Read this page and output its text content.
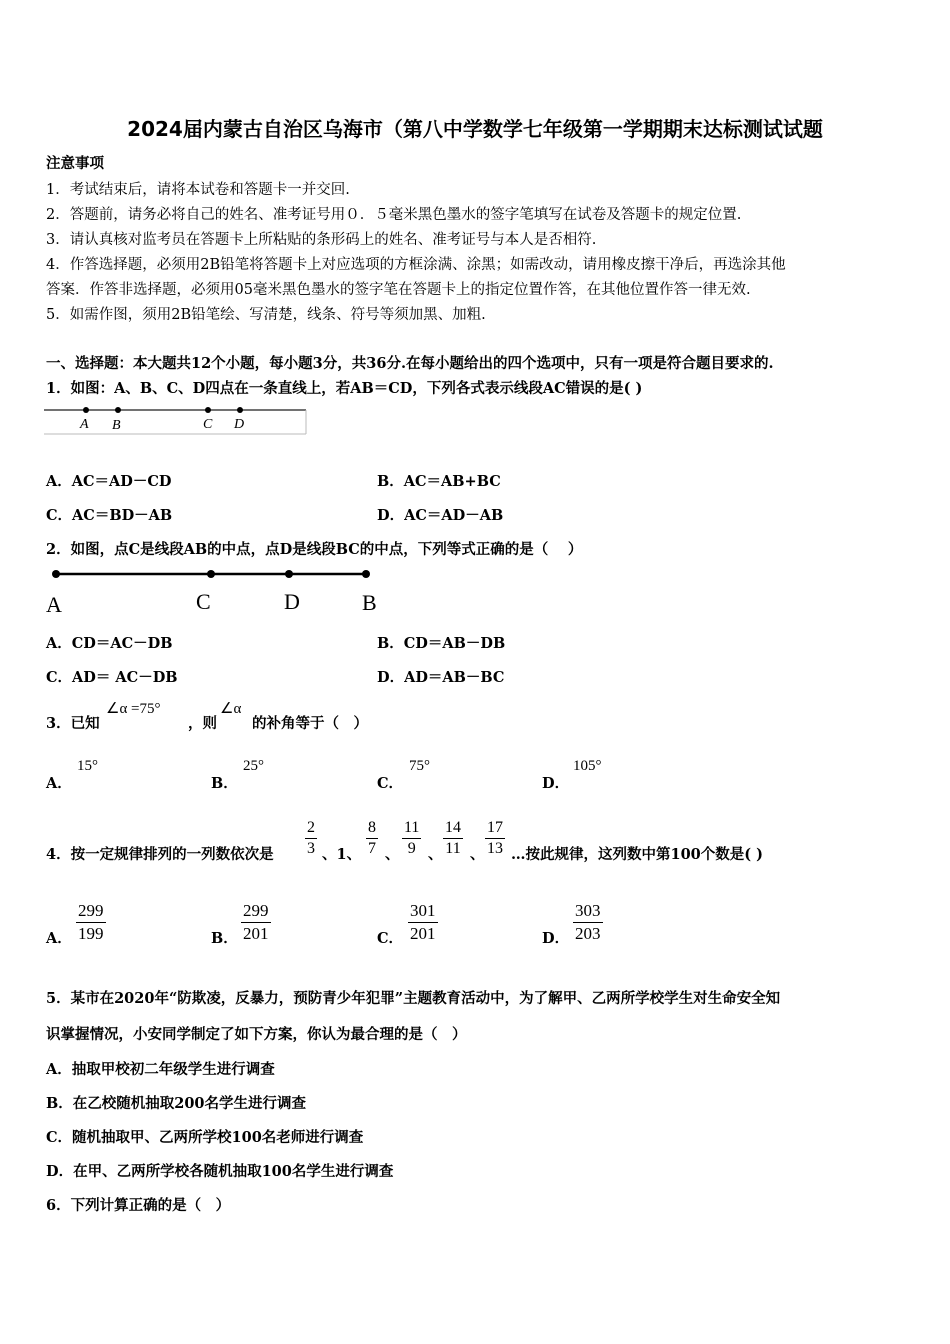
2024届内蒙古自治区乌海市（第八中学数学七年级第一学期期末达标测试试题
注意事项
1．考试结束后，请将本试卷和答题卡一并交回.
2．答题前，请务必将自己的姓名、准考证号用０．５毫米黑色墨水的签字笔填写在试卷及答题卡的规定位置.
3．请认真核对监考员在答题卡上所粘贴的条形码上的姓名、准考证号与本人是否相符.
4．作答选择题，必须用2B铅笔将答题卡上对应选项的方框涂满、涂黑；如需改动，请用橡皮擦干净后，再选涂其他
答案．作答非选择题，必须用05毫米黑色墨水的签字笔在答题卡上的指定位置作答，在其他位置作答一律无效.
5．如需作图，须用2B铅笔绘、写清楚，线条、符号等须加黑、加粗.
一、选择题：本大题共12个小题，每小题3分，共36分.在每小题给出的四个选项中，只有一项是符合题目要求的.
1．如图：A、B、C、D四点在一条直线上，若AB＝CD，下列各式表示线段AC错误的是( )
A B	C D
A．AC＝AD－CD	B．AC＝AB+BC
C．AC＝BD－AB	D．AC＝AD－AB
2．如图，点C是线段AB的中点，点D是线段BC的中点，下列等式正确的是（　 ）
A	C	D	B
A．CD＝AC－DB	B．CD＝AB－DB
C．AD＝ AC－DB	D．AD＝AB－BC
3．已知
∠α =75°
，则
∠α
的补角等于（　）
A．
15°
B．
25°
C．
75°
D．
105°
4．按一定规律排列的一列数依次是 $\frac{2}{3}$ 、1、 $\frac{8}{7}$ 、 $\frac{11}{9}$ 、 $\frac{14}{11}$ 、 $\frac{17}{13}$ …按此规律，这列数中第100个数是( )
A． $\frac{299}{199}$	B． $\frac{299}{201}$	C． $\frac{301}{201}$	D． $\frac{303}{203}$
5．某市在2020年“防欺凌，反暴力，预防青少年犯罪”主题教育活动中，为了解甲、乙两所学校学生对生命安全知
识掌握情况，小安同学制定了如下方案，你认为最合理的是（　）
A．抽取甲校初二年级学生进行调查
B．在乙校随机抽取200名学生进行调查
C．随机抽取甲、乙两所学校100名老师进行调查
D．在甲、乙两所学校各随机抽取100名学生进行调查
6．下列计算正确的是（　）
